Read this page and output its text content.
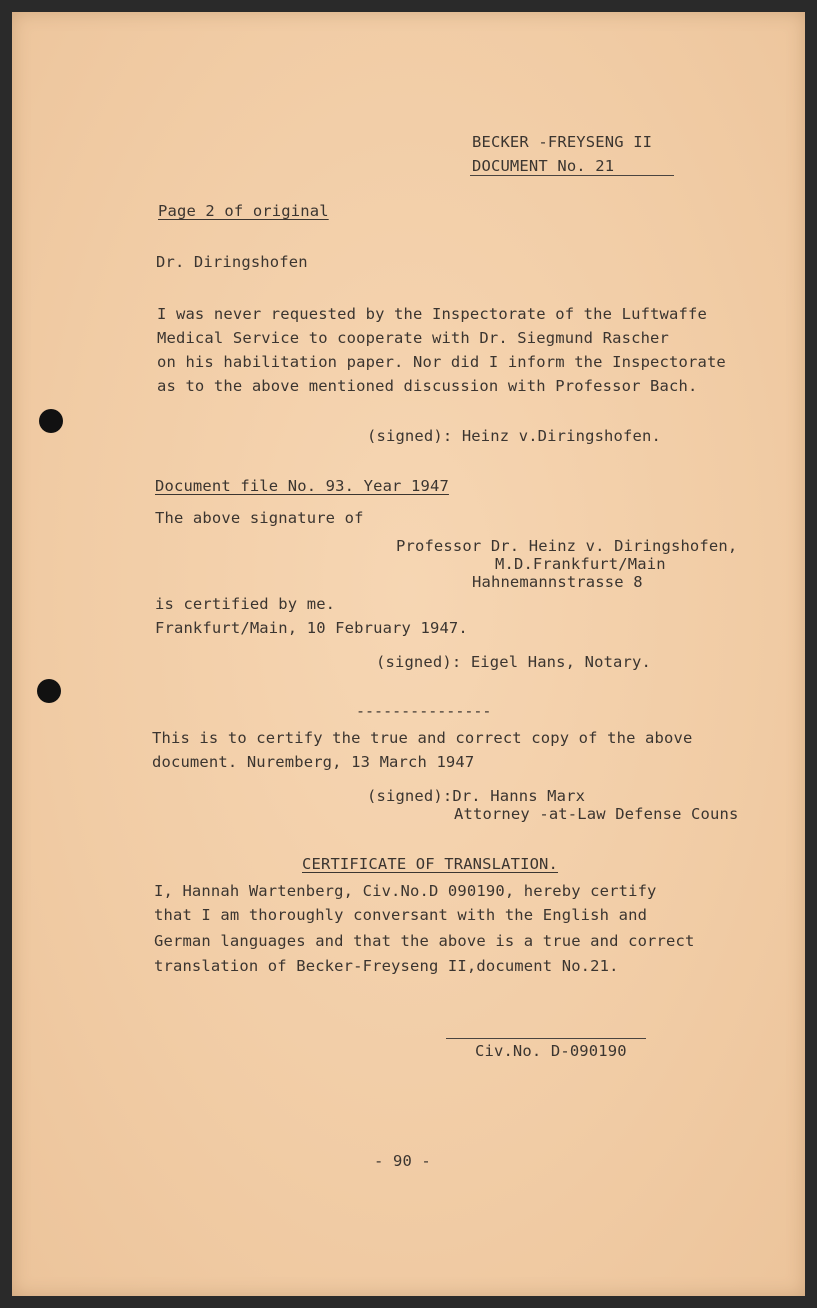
BECKER -FREYSENG II
DOCUMENT No. 21
Page 2 of original
Dr. Diringshofen
I was never requested by the Inspectorate of the Luftwaffe
Medical Service to cooperate with Dr. Siegmund Rascher
on his habilitation paper. Nor did I inform the Inspectorate
as to the above mentioned discussion with Professor Bach.
(signed): Heinz v.Diringshofen.
Document file No. 93. Year 1947
The above signature of
Professor Dr. Heinz v. Diringshofen,
M.D.Frankfurt/Main
Hahnemannstrasse 8
is certified by me.
Frankfurt/Main, 10 February 1947.
(signed): Eigel Hans, Notary.
---------------
This is to certify the true and correct copy of the above
document. Nuremberg, 13 March 1947
(signed):Dr. Hanns Marx
Attorney -at-Law Defense Couns
CERTIFICATE OF TRANSLATION.
I, Hannah Wartenberg, Civ.No.D 090190, hereby certify
that I am thoroughly conversant with the English and
German languages and that the above is a true and correct
translation of Becker-Freyseng II,document No.21.
Civ.No. D-090190
- 90 -
